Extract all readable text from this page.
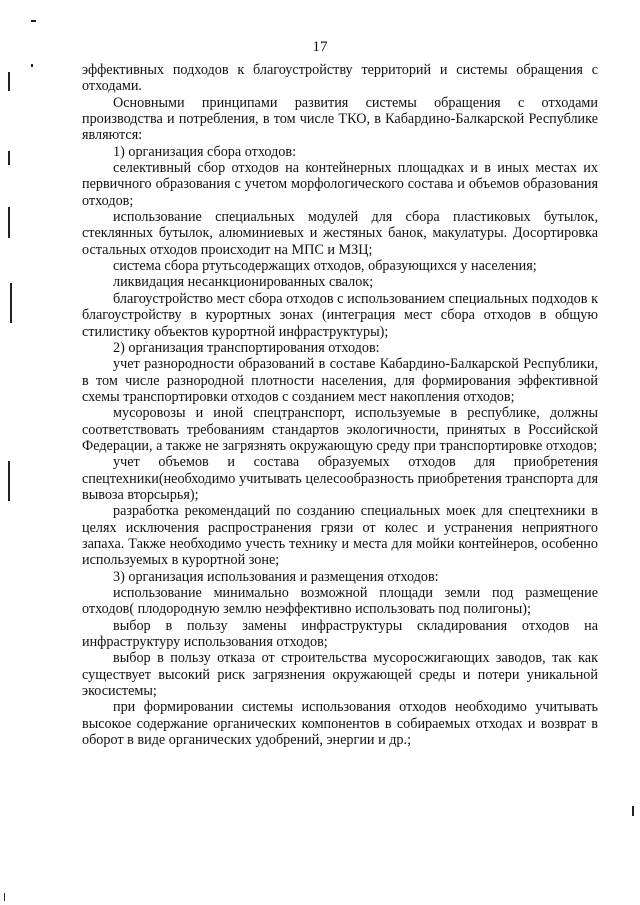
17

эффективных подходов к благоустройству территорий и системы обращения с отходами.

Основными принципами развития системы обращения с отходами производства и потребления, в том числе ТКО, в Кабардино-Балкарской Республике являются:

1) организация сбора отходов:

селективный сбор отходов на контейнерных площадках и в иных местах их первичного образования с учетом морфологического состава и объемов образования отходов;

использование специальных модулей для сбора пластиковых бутылок, стеклянных бутылок, алюминиевых и жестяных банок, макулатуры. Досортировка остальных отходов происходит на МПС и МЗЦ;

система сбора ртутьсодержащих отходов, образующихся у населения;

ликвидация несанкционированных свалок;

благоустройство мест сбора отходов с использованием специальных подходов к благоустройству в курортных зонах (интеграция мест сбора отходов в общую стилистику объектов курортной инфраструктуры);

2) организация транспортирования отходов:

учет разнородности образований в составе Кабардино-Балкарской Республики, в том числе разнородной плотности населения, для формирования эффективной схемы транспортировки отходов с созданием мест накопления отходов;

мусоровозы и иной спецтранспорт, используемые в республике, должны соответствовать требованиям стандартов экологичности, принятых в Российской Федерации, а также не загрязнять окружающую среду при транспортировке отходов;

учет объемов и состава образуемых отходов для приобретения спецтехники(необходимо учитывать целесообразность приобретения транспорта для вывоза вторсырья);

разработка рекомендаций по созданию специальных моек для спецтехники в целях исключения распространения грязи от колес и устранения неприятного запаха. Также необходимо учесть технику и места для мойки контейнеров, особенно используемых в курортной зоне;

3) организация использования и размещения отходов:

использование минимально возможной площади земли под размещение отходов( плодородную землю неэффективно использовать под полигоны);

выбор в пользу замены инфраструктуры складирования отходов на инфраструктуру использования отходов;

выбор в пользу отказа от строительства мусоросжигающих заводов, так как существует высокий риск загрязнения окружающей среды и потери уникальной экосистемы;

при формировании системы использования отходов необходимо учитывать высокое содержание органических компонентов в собираемых отходах и возврат в оборот в виде органических удобрений, энергии и др.;
